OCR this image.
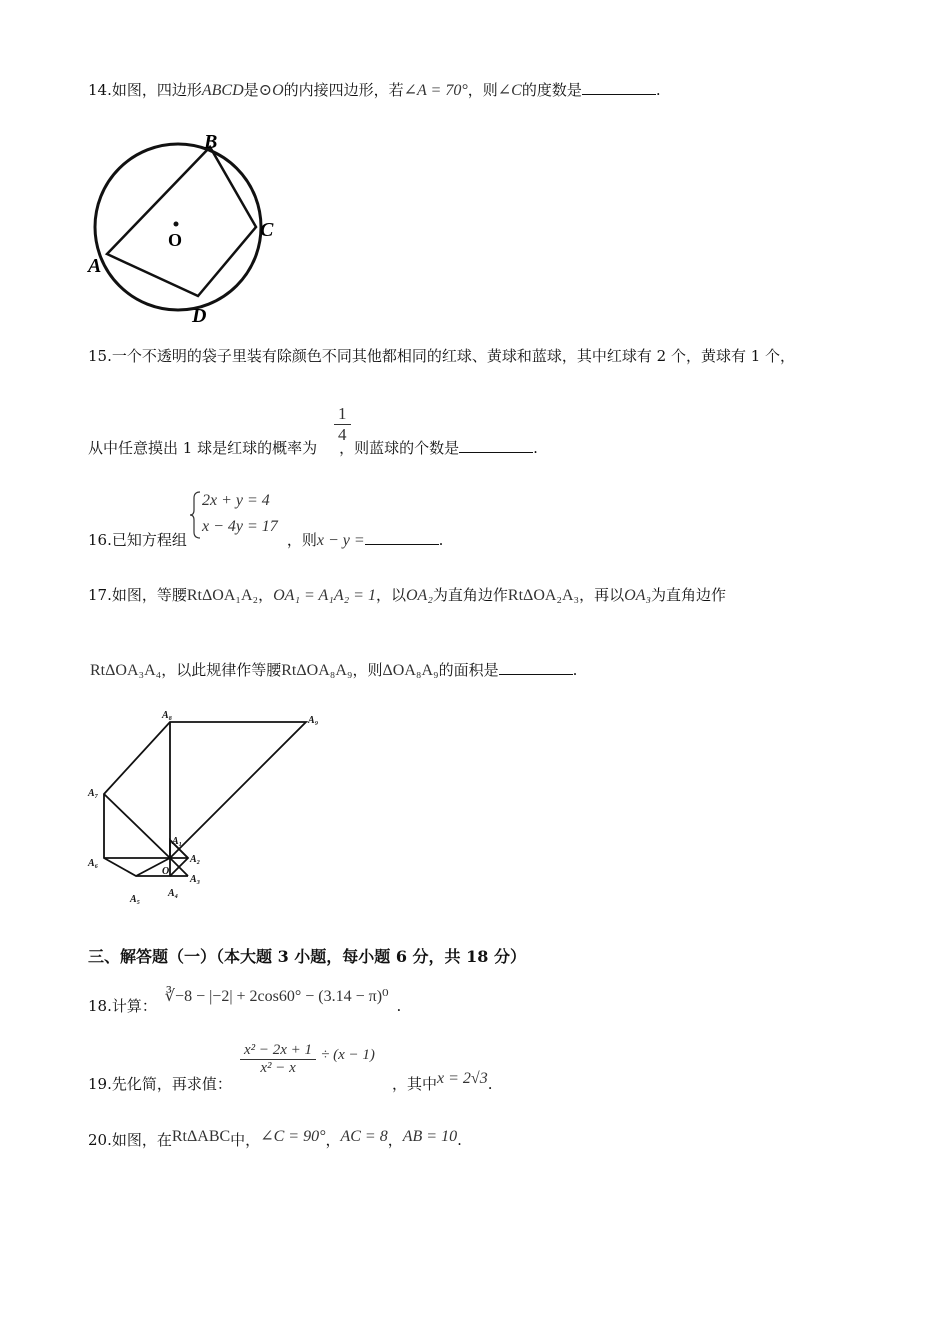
14.如图，四边形ABCD是⊙O的内接四边形，若∠A = 70°，则∠C的度数是	.
O
A
B
C
D
15.一个不透明的袋子里装有除颜色不同其他都相同的红球、黄球和蓝球，其中红球有 2 个，黄球有 1 个，
从中任意摸出 1 球是红球的概率为 ，则蓝球的个数是	.
$\frac{1}{4}$
2x + y = 4
x − 4y = 17
16.已知方程组	，则x − y =	.
17.如图，等腰RtΔOA₁A₂，OA₁ = A₁A₂ = 1，以OA₂为直角边作RtΔOA₂A₃，再以OA₃为直角边作
RtΔOA₃A₄，以此规律作等腰RtΔOA₈A₉，则ΔOA₈A₉的面积是	.
A₈	A₉
A₇
A₁
A₂
A₆
O
A₃
A₄
A₅
三、解答题（一）（本大题 3 小题，每小题 6 分，共 18 分）
18.计算：∛−8 − |−2| + 2cos60° − (3.14 − π)⁰.
19.先化简，再求值：
$\frac{\text{x² − 2x + 1}}{\text{x² − x}} \div (x - 1)$
，其中x = 2√3.
20.如图，在RtΔABC中，∠C = 90°，AC = 8，AB = 10.
